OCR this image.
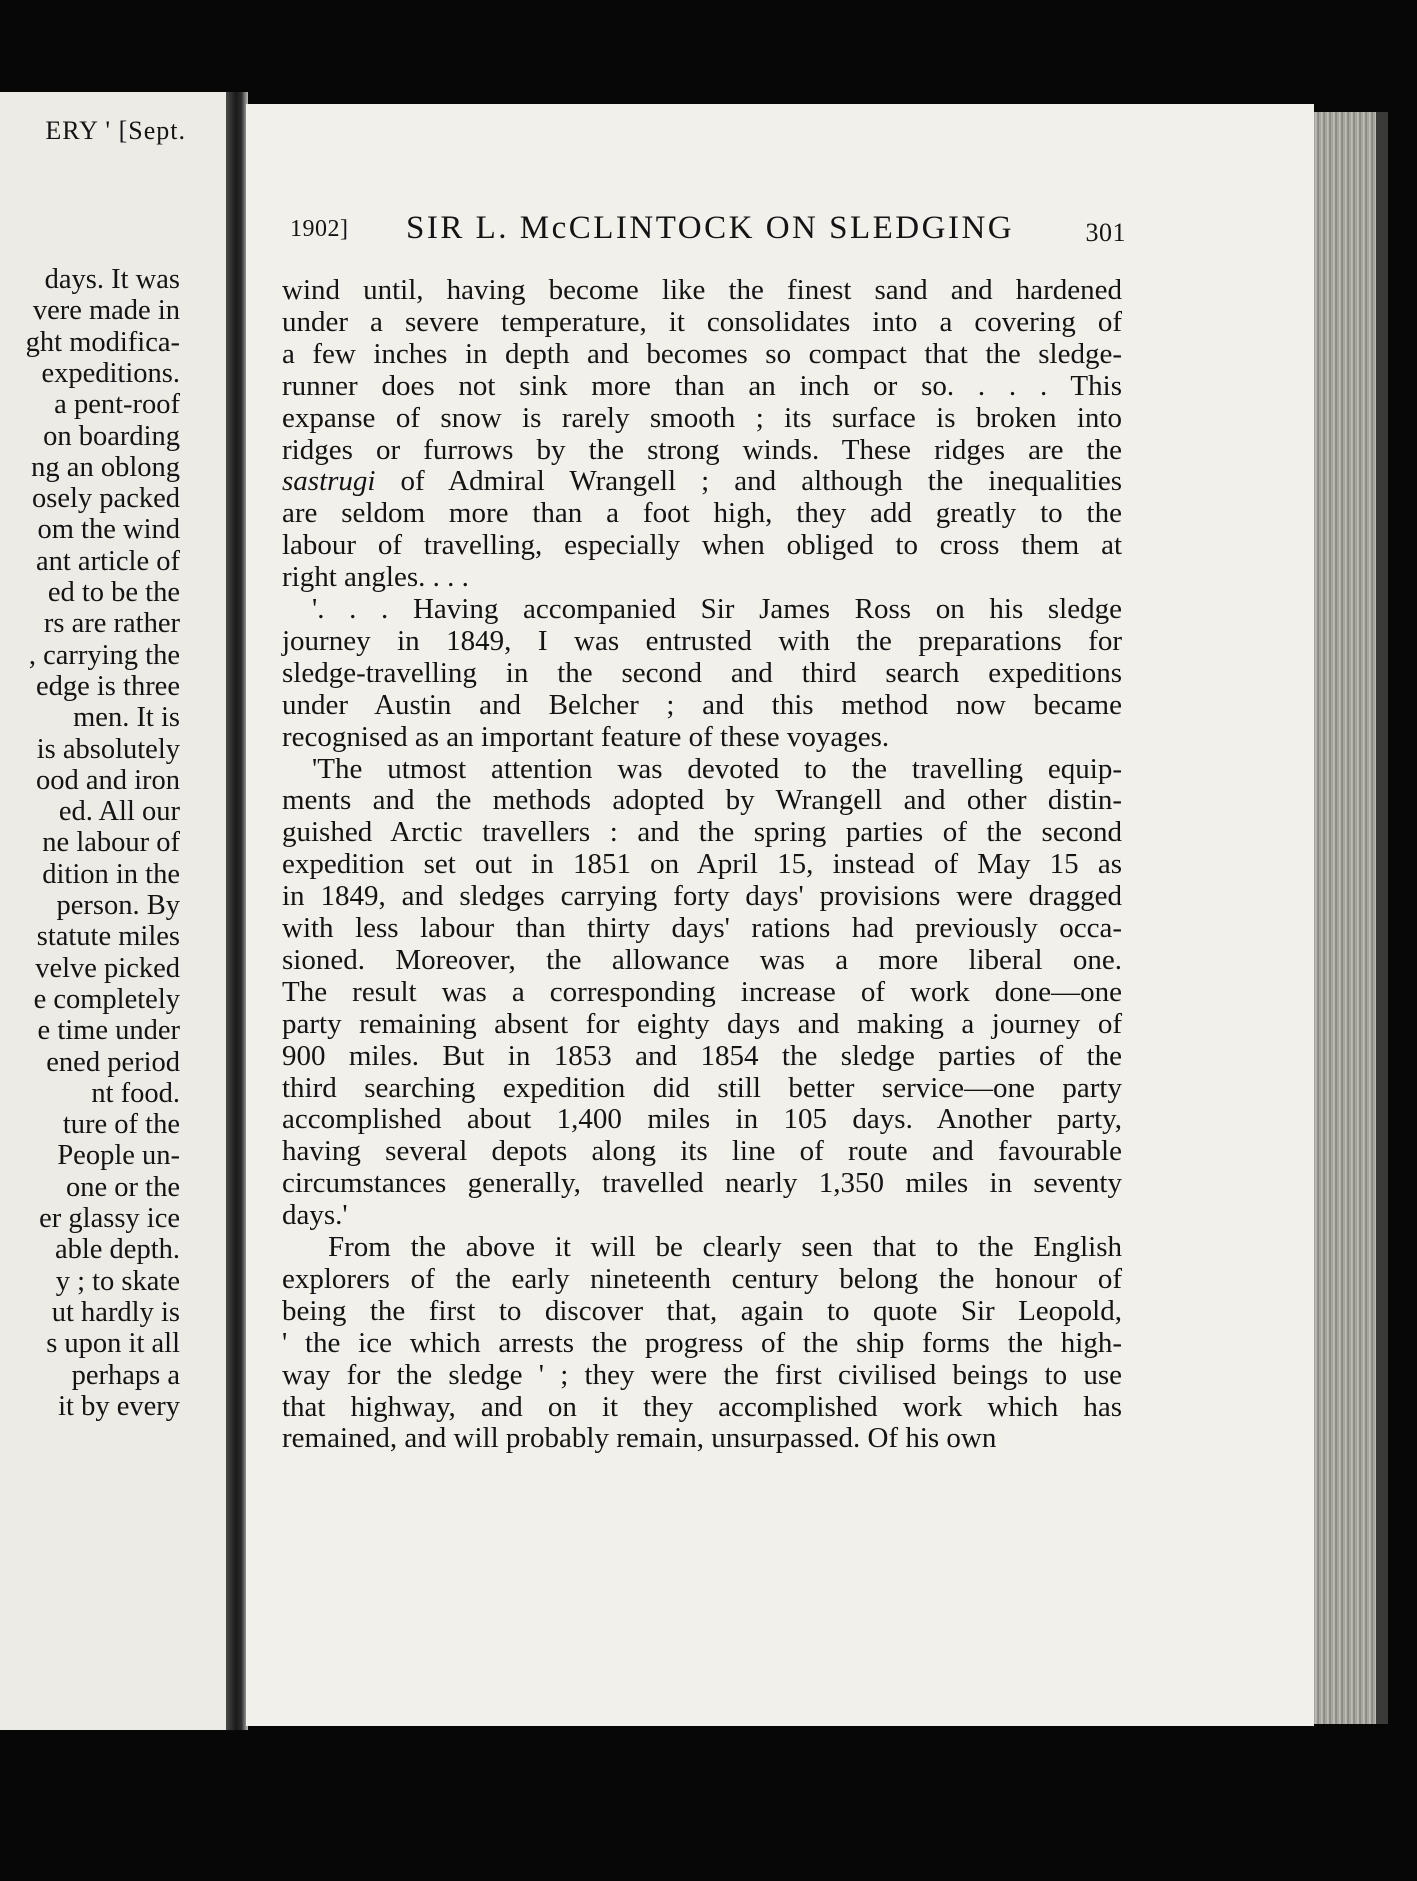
ERY ' [Sept.
days. It was
vere made in
ght modifica-
expeditions.
a pent-roof
on boarding
ng an oblong
osely packed
om the wind
ant article of
ed to be the
rs are rather
, carrying the
edge is three
men. It is
is absolutely
ood and iron
ed. All our
ne labour of
dition in the
person. By
statute miles
velve picked
e completely
e time under
ened period
nt food.
ture of the
People un-
one or the
er glassy ice
able depth.
y ; to skate
ut hardly is
s upon it all
perhaps a
it by every
1902] SIR L. McCLINTOCK ON SLEDGING	301
wind until, having become like the finest sand and hardened
under a severe temperature, it consolidates into a covering of
a few inches in depth and becomes so compact that the sledge-
runner does not sink more than an inch or so. . . . This
expanse of snow is rarely smooth ; its surface is broken into
ridges or furrows by the strong winds. These ridges are the
sastrugi of Admiral Wrangell ; and although the inequalities
are seldom more than a foot high, they add greatly to the
labour of travelling, especially when obliged to cross them at
right angles. . . .
'. . . Having accompanied Sir James Ross on his sledge
journey in 1849, I was entrusted with the preparations for
sledge-travelling in the second and third search expeditions
under Austin and Belcher ; and this method now became
recognised as an important feature of these voyages.
'The utmost attention was devoted to the travelling equip-
ments and the methods adopted by Wrangell and other distin-
guished Arctic travellers : and the spring parties of the second
expedition set out in 1851 on April 15, instead of May 15 as
in 1849, and sledges carrying forty days' provisions were dragged
with less labour than thirty days' rations had previously occa-
sioned. Moreover, the allowance was a more liberal one.
The result was a corresponding increase of work done—one
party remaining absent for eighty days and making a journey of
900 miles. But in 1853 and 1854 the sledge parties of the
third searching expedition did still better service—one party
accomplished about 1,400 miles in 105 days. Another party,
having several depots along its line of route and favourable
circumstances generally, travelled nearly 1,350 miles in seventy
days.'
From the above it will be clearly seen that to the English
explorers of the early nineteenth century belong the honour of
being the first to discover that, again to quote Sir Leopold,
' the ice which arrests the progress of the ship forms the high-
way for the sledge ' ; they were the first civilised beings to use
that highway, and on it they accomplished work which has
remained, and will probably remain, unsurpassed. Of his own
